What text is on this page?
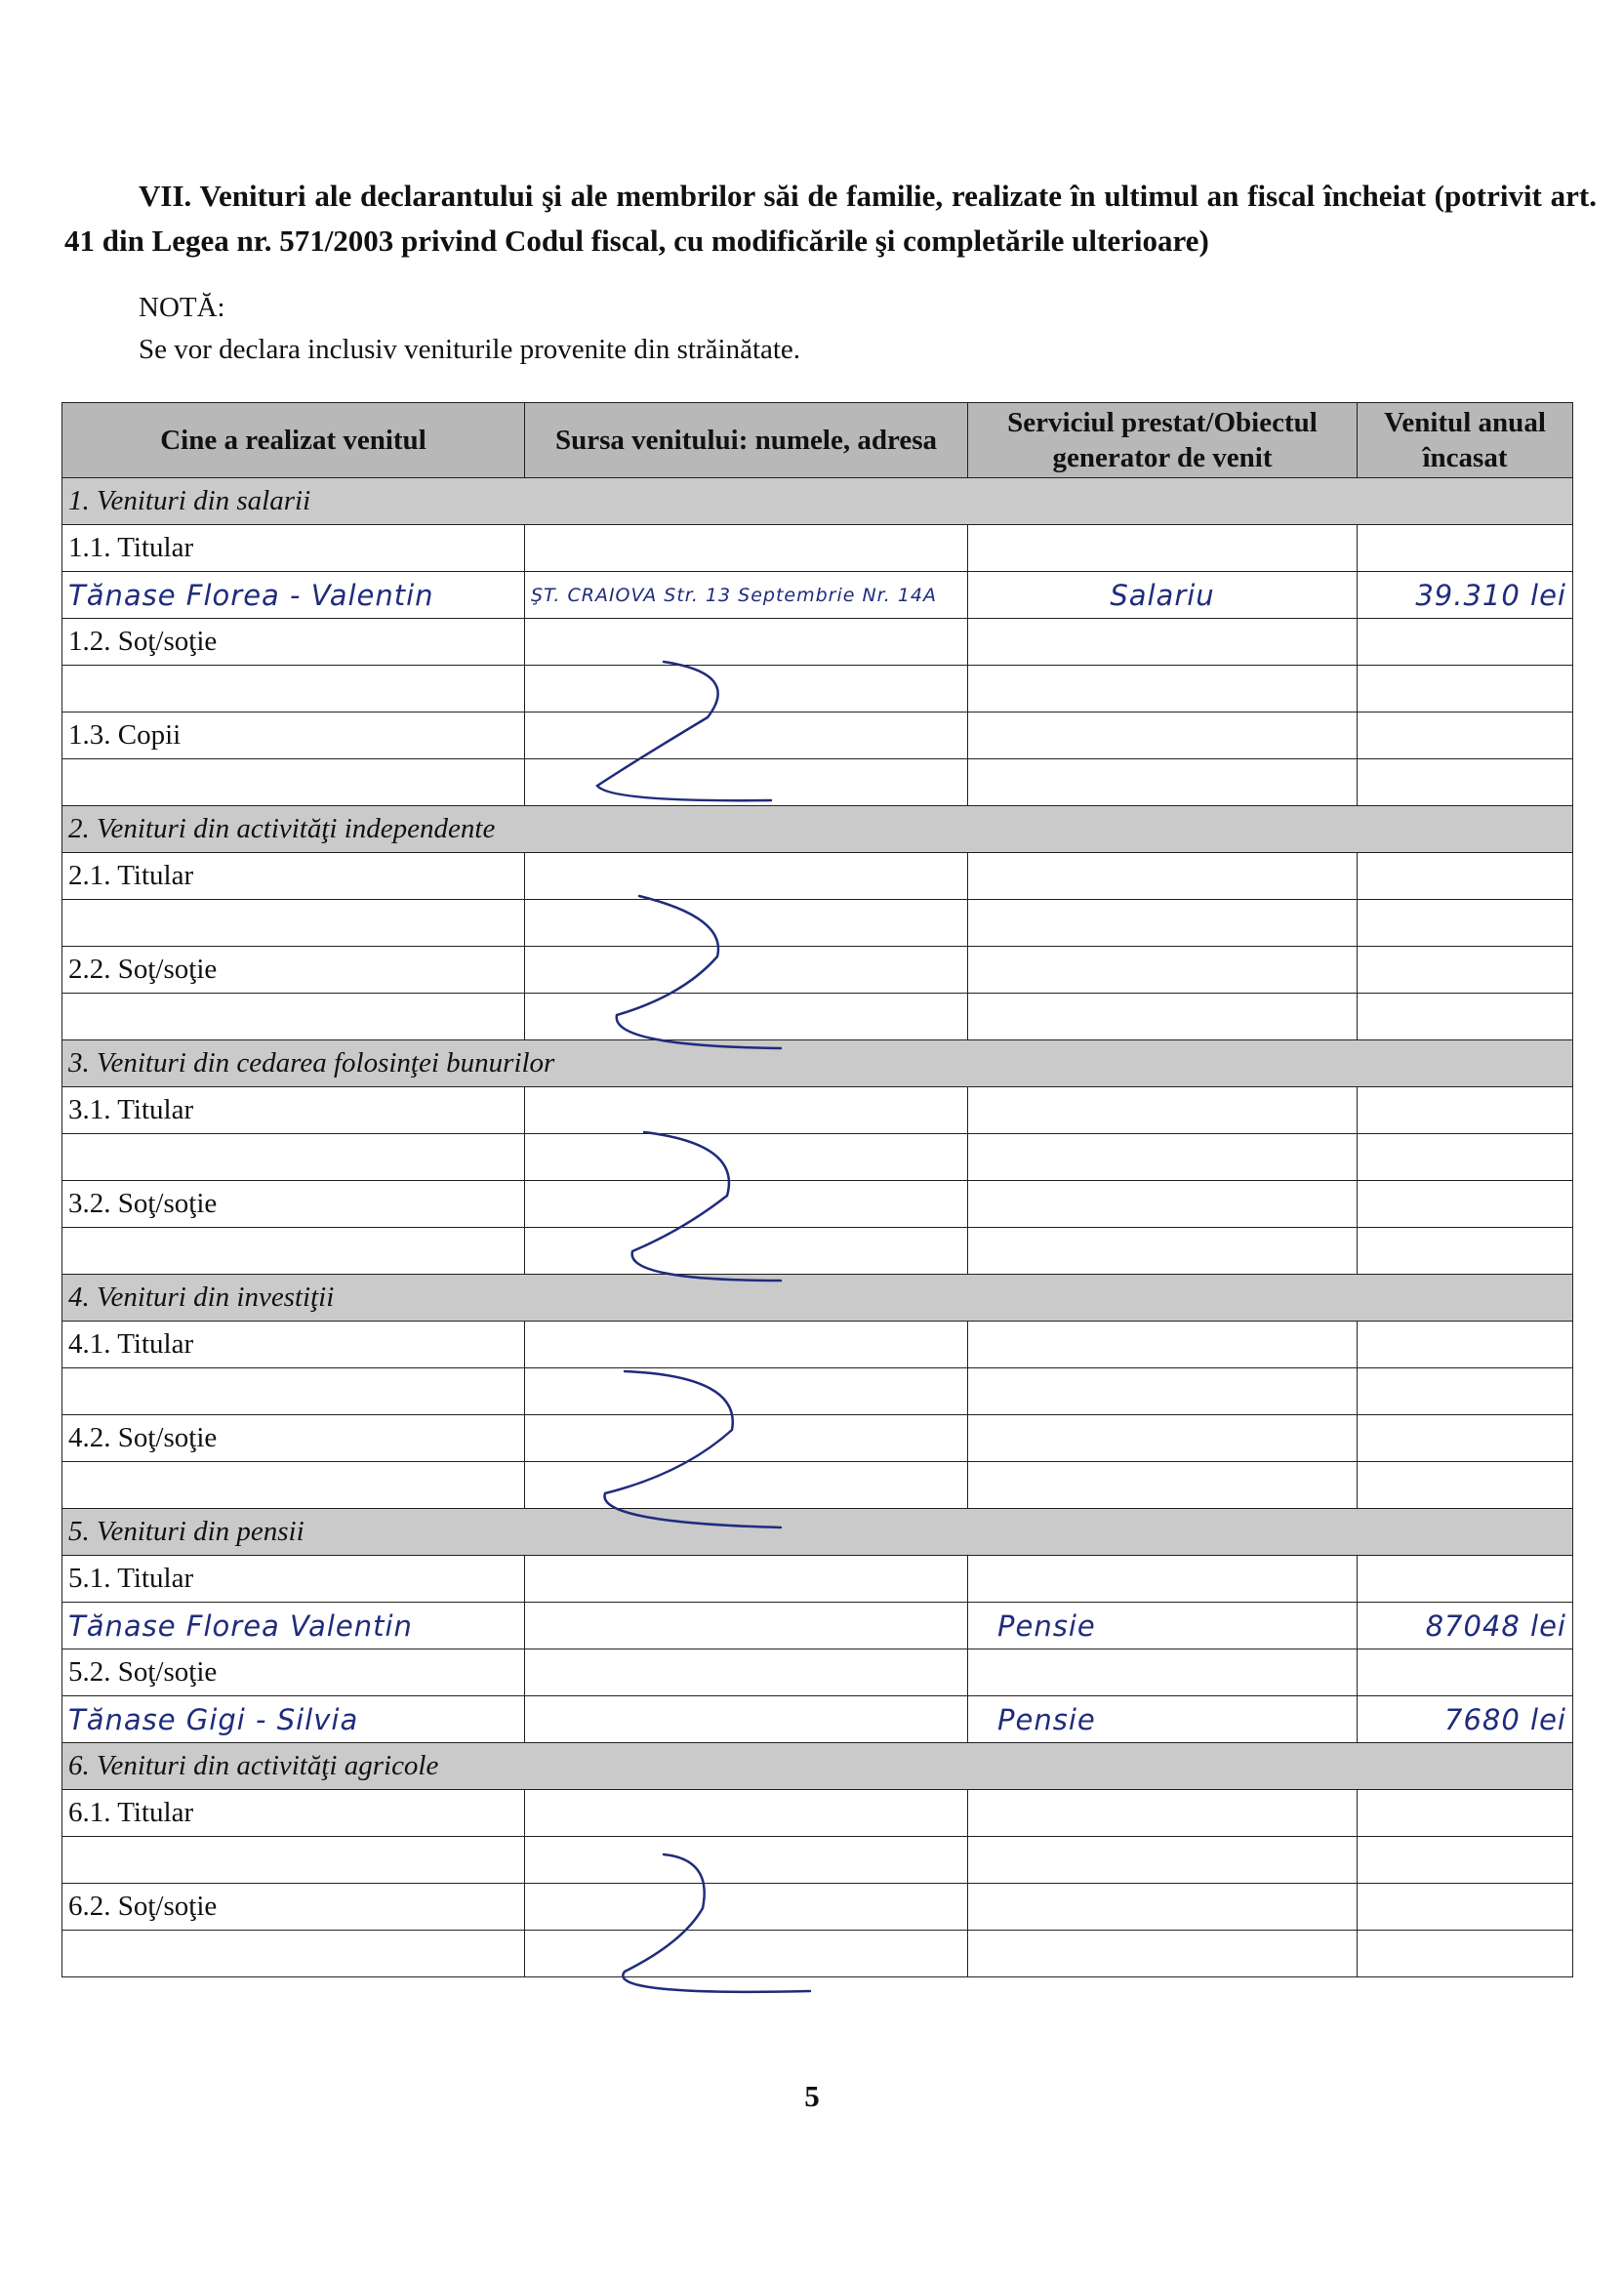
VII. Venituri ale declarantului şi ale membrilor săi de familie, realizate în ultimul an fiscal încheiat (potrivit art. 41 din Legea nr. 571/2003 privind Codul fiscal, cu modificările şi completările ulterioare)
NOTĂ:
Se vor declara inclusiv veniturile provenite din străinătate.
Cine a realizat venitul	Sursa venitului: numele, adresa	Serviciul prestat/Obiectul generator de venit	Venitul anual încasat
1. Venituri din salarii			
1.1. Titular			
Tănase Florea - Valentin	ŞT. CRAIOVA Str. 13 Septembrie Nr. 14A	Salariu	39.310 lei
1.2. Soţ/soţie			

1.3. Copii			

2. Venituri din activităţi independente			
2.1. Titular			

2.2. Soţ/soţie			

3. Venituri din cedarea folosinţei bunurilor			
3.1. Titular			

3.2. Soţ/soţie			

4. Venituri din investiţii			
4.1. Titular			

4.2. Soţ/soţie			

5. Venituri din pensii			
5.1. Titular			
Tănase Florea Valentin		Pensie	87048 lei
5.2. Soţ/soţie			
Tănase Gigi - Silvia		Pensie	7680 lei
6. Venituri din activităţi agricole			
6.1. Titular			

6.2. Soţ/soţie			

5
